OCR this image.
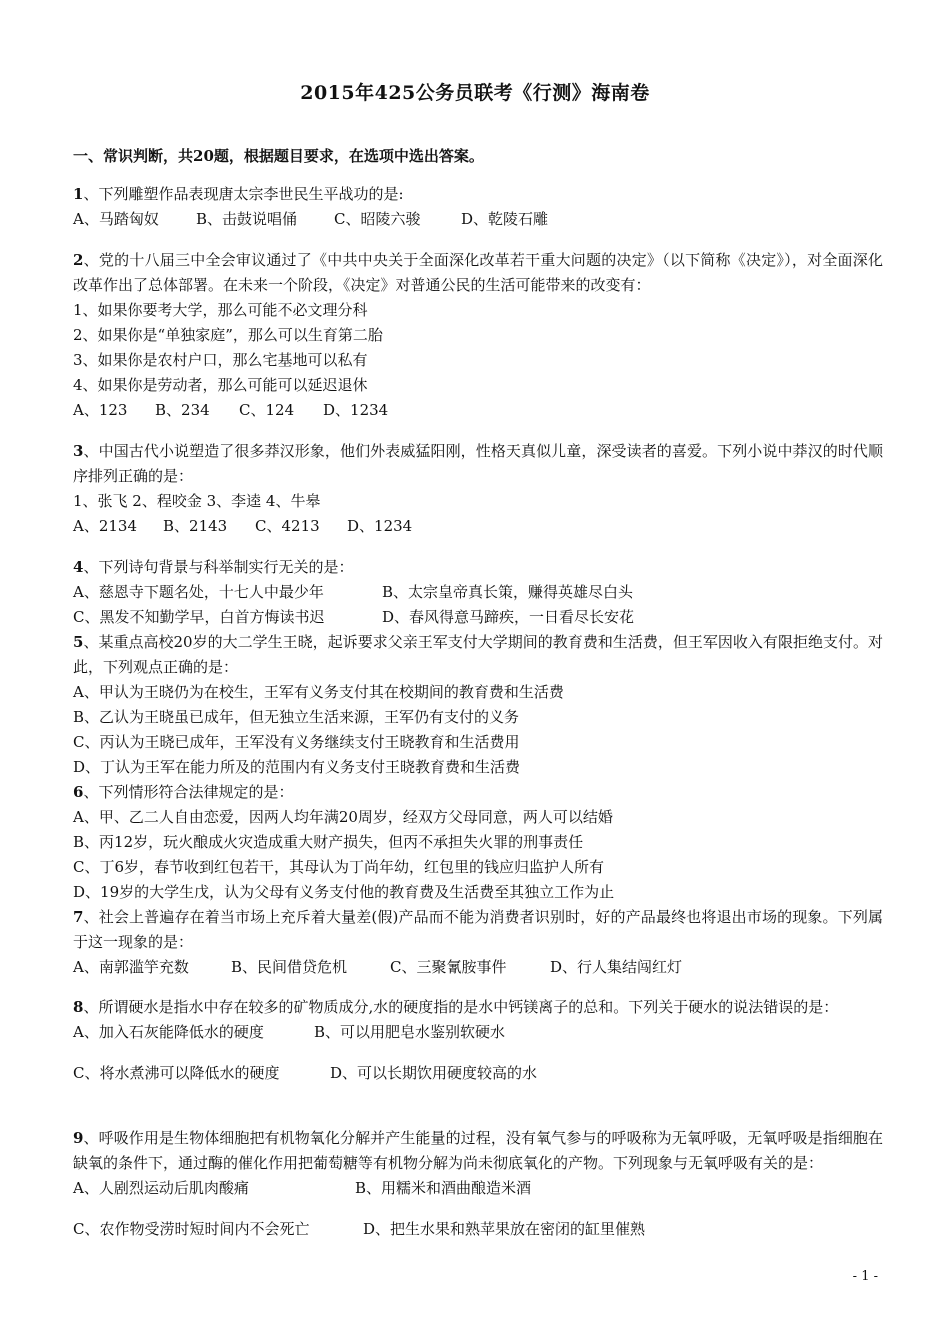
2015年425公务员联考《行测》海南卷
一、常识判断，共20题，根据题目要求，在选项中选出答案。
1、下列雕塑作品表现唐太宗李世民生平战功的是:
A、马踏匈奴 B、击鼓说唱俑 C、昭陵六骏	D、乾陵石雕
2、党的十八届三中全会审议通过了《中共中央关于全面深化改革若干重大问题的决定》（以下简称《决定》），对全面深化改革作出了总体部署。在未来一个阶段，《决定》对普通公民的生活可能带来的改变有：
1、如果你要考大学，那么可能不必文理分科
2、如果你是“单独家庭”，那么可以生育第二胎
3、如果你是农村户口，那么宅基地可以私有
4、如果你是劳动者，那么可能可以延迟退休
A、123 B、234 C、124 D、1234
3、中国古代小说塑造了很多莽汉形象，他们外表威猛阳刚，性格天真似儿童，深受读者的喜爱。下列小说中莽汉的时代顺序排列正确的是：
1、张飞 2、程咬金 3、李逵 4、牛皋
A、2134 B、2143 C、4213 D、1234
4、下列诗句背景与科举制实行无关的是：
A、慈恩寺下题名处，十七人中最少年	B、太宗皇帝真长策，赚得英雄尽白头
C、黑发不知勤学早，白首方悔读书迟	D、春风得意马蹄疾，一日看尽长安花
5、某重点高校20岁的大二学生王晓，起诉要求父亲王军支付大学期间的教育费和生活费，但王军因收入有限拒绝支付。对此，下列观点正确的是：
A、甲认为王晓仍为在校生，王军有义务支付其在校期间的教育费和生活费
B、乙认为王晓虽已成年，但无独立生活来源，王军仍有支付的义务
C、丙认为王晓已成年，王军没有义务继续支付王晓教育和生活费用
D、丁认为王军在能力所及的范围内有义务支付王晓教育费和生活费
6、下列情形符合法律规定的是：
A、甲、乙二人自由恋爱，因两人均年满20周岁，经双方父母同意，两人可以结婚
B、丙12岁，玩火酿成火灾造成重大财产损失，但丙不承担失火罪的刑事责任
C、丁6岁，春节收到红包若干，其母认为丁尚年幼，红包里的钱应归监护人所有
D、19岁的大学生戊，认为父母有义务支付他的教育费及生活费至其独立工作为止
7、社会上普遍存在着当市场上充斥着大量差(假)产品而不能为消费者识别时，好的产品最终也将退出市场的现象。下列属于这一现象的是：
A、南郭滥竽充数	B、民间借贷危机	C、三聚氰胺事件	D、行人集结闯红灯
8、所谓硬水是指水中存在较多的矿物质成分,水的硬度指的是水中钙镁离子的总和。下列关于硬水的说法错误的是：
A、加入石灰能降低水的硬度	B、可以用肥皂水鉴别软硬水
C、将水煮沸可以降低水的硬度	D、可以长期饮用硬度较高的水
9、呼吸作用是生物体细胞把有机物氧化分解并产生能量的过程，没有氧气参与的呼吸称为无氧呼吸，无氧呼吸是指细胞在缺氧的条件下，通过酶的催化作用把葡萄糖等有机物分解为尚未彻底氧化的产物。下列现象与无氧呼吸有关的是：
A、人剧烈运动后肌肉酸痛	B、用糯米和酒曲酿造米酒
C、农作物受涝时短时间内不会死亡	D、把生水果和熟苹果放在密闭的缸里催熟
- 1 -
